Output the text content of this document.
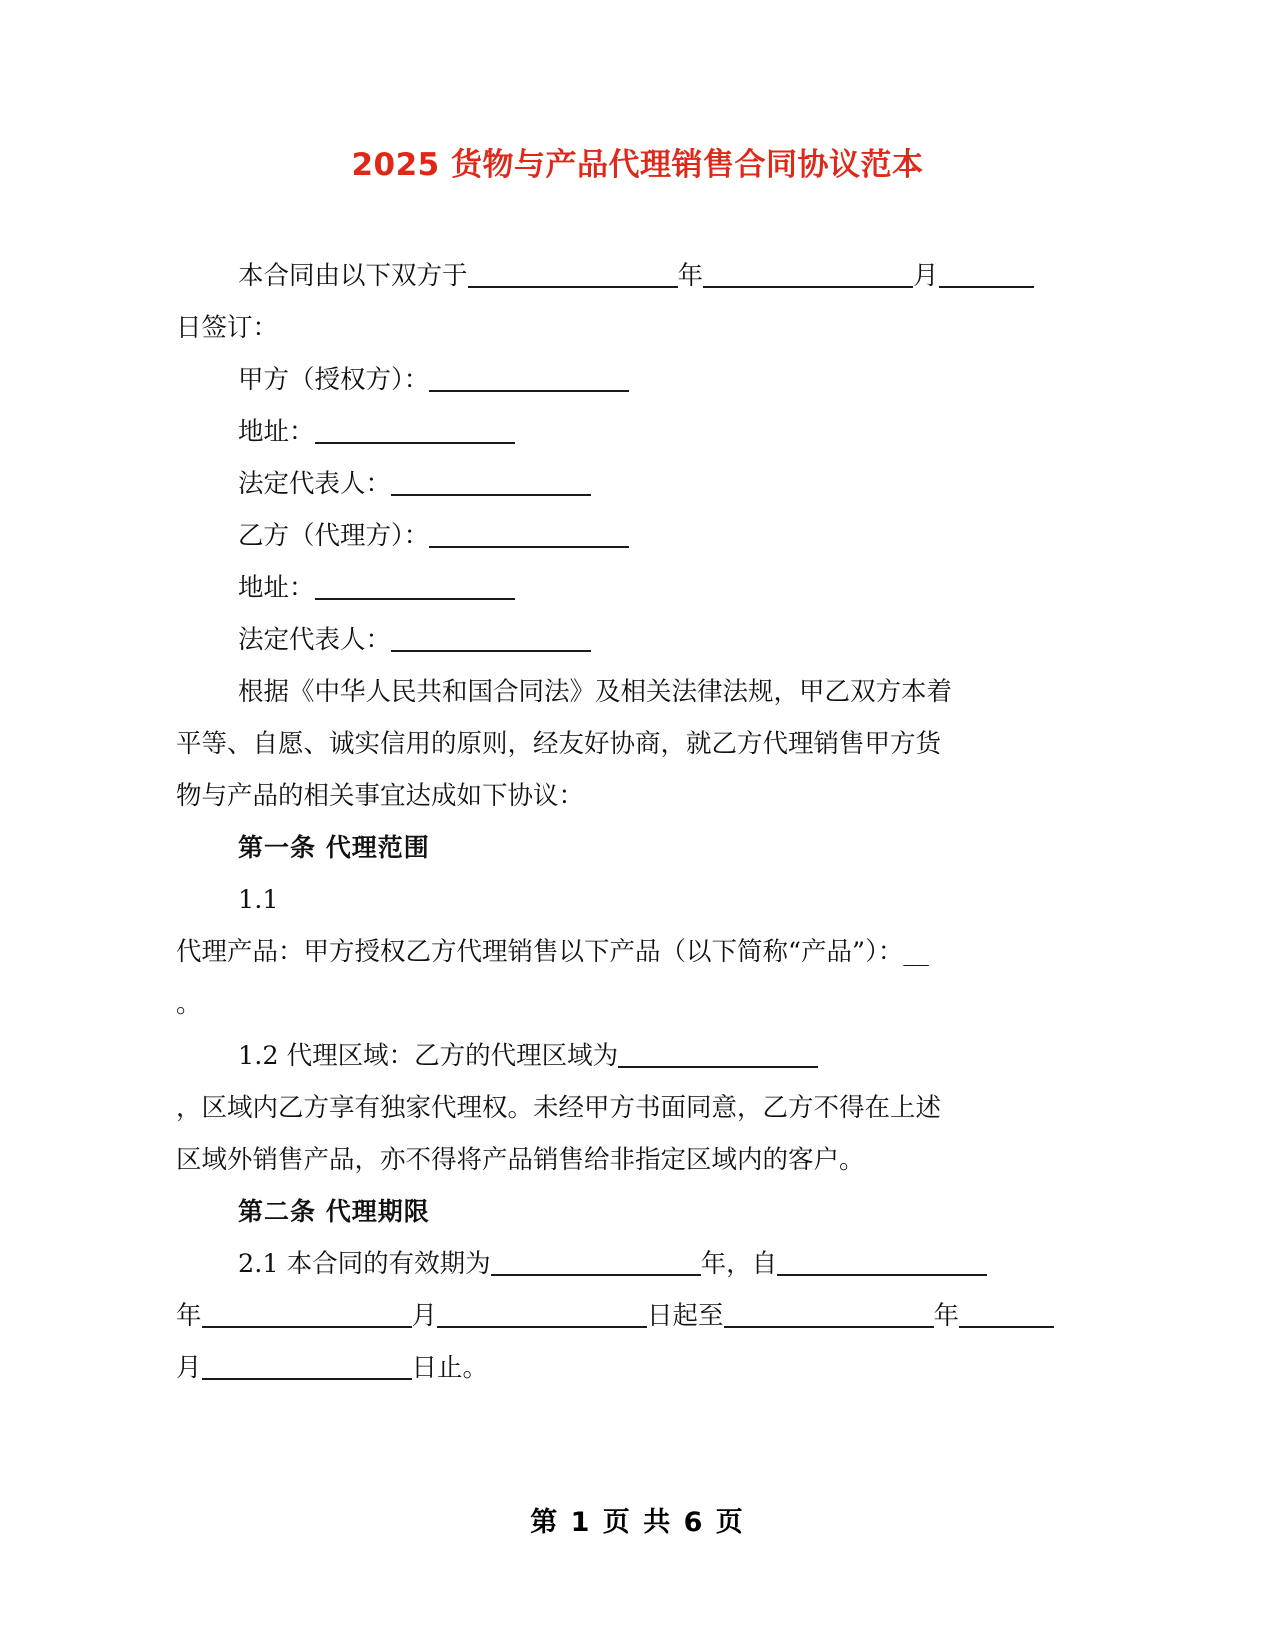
2025 货物与产品代理销售合同协议范本

本合同由以下双方于	年	月

日签订：

甲方（授权方）：

地址：

法定代表人：

乙方（代理方）：

地址：

法定代表人：

根据《中华人民共和国合同法》及相关法律法规，甲乙双方本着

平等、自愿、诚实信用的原则，经友好协商，就乙方代理销售甲方货

物与产品的相关事宜达成如下协议：

第一条 代理范围

1.1

代理产品：甲方授权乙方代理销售以下产品（以下简称“产品”）：__

。

1.2 代理区域：乙方的代理区域为

，区域内乙方享有独家代理权。未经甲方书面同意，乙方不得在上述

区域外销售产品，亦不得将产品销售给非指定区域内的客户。

第二条 代理期限

2.1 本合同的有效期为	年，自

年	月	日起至	年

月	日止。

第 1 页 共 6 页
